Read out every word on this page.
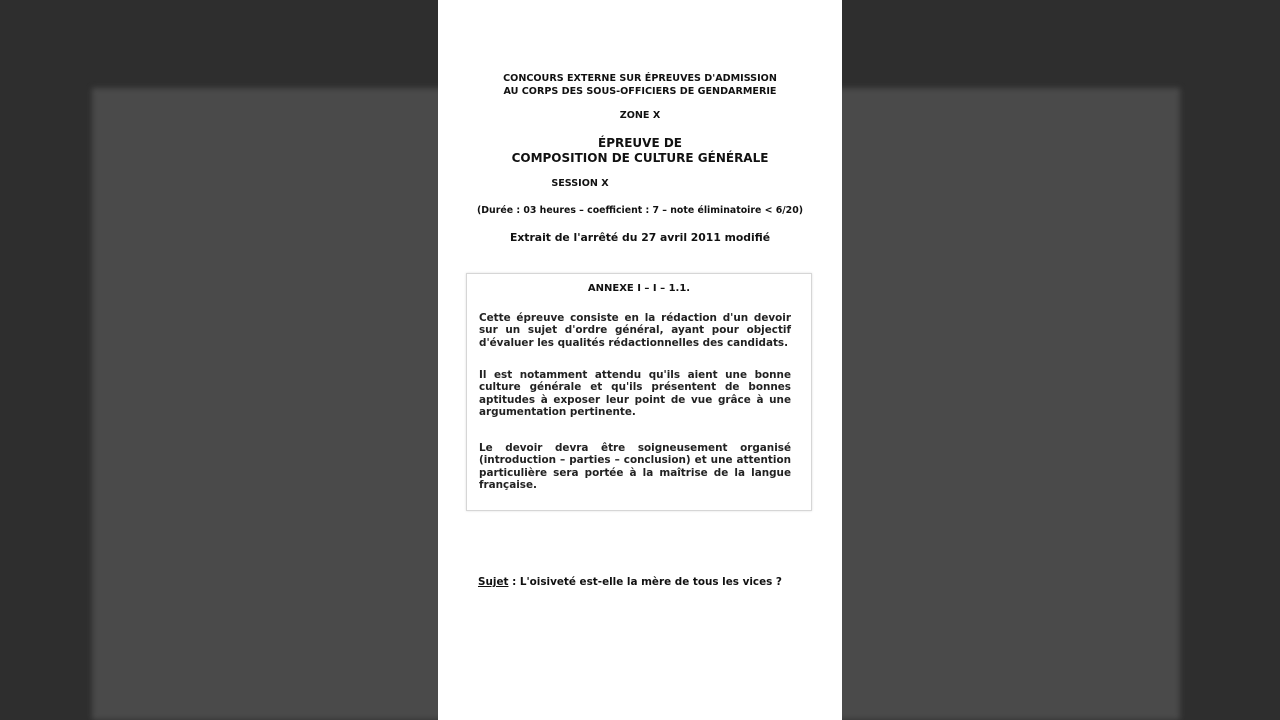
CONCOURS EXTERNE SUR ÉPREUVES D'ADMISSION
AU CORPS DES SOUS-OFFICIERS DE GENDARMERIE
ZONE X
ÉPREUVE DE
COMPOSITION DE CULTURE GÉNÉRALE
SESSION X
(Durée : 03 heures – coefficient : 7 – note éliminatoire < 6/20)
Extrait de l'arrêté du 27 avril 2011 modifié
ANNEXE I – I – 1.1.
Cette épreuve consiste en la rédaction d'un devoir
sur un sujet d'ordre général, ayant pour objectif
d'évaluer les qualités rédactionnelles des candidats.
Il est notamment attendu qu'ils aient une bonne
culture générale et qu'ils présentent de bonnes
aptitudes à exposer leur point de vue grâce à une
argumentation pertinente.
Le devoir devra être soigneusement organisé
(introduction – parties – conclusion) et une attention
particulière sera portée à la maîtrise de la langue
française.
Sujet : L'oisiveté est-elle la mère de tous les vices ?
